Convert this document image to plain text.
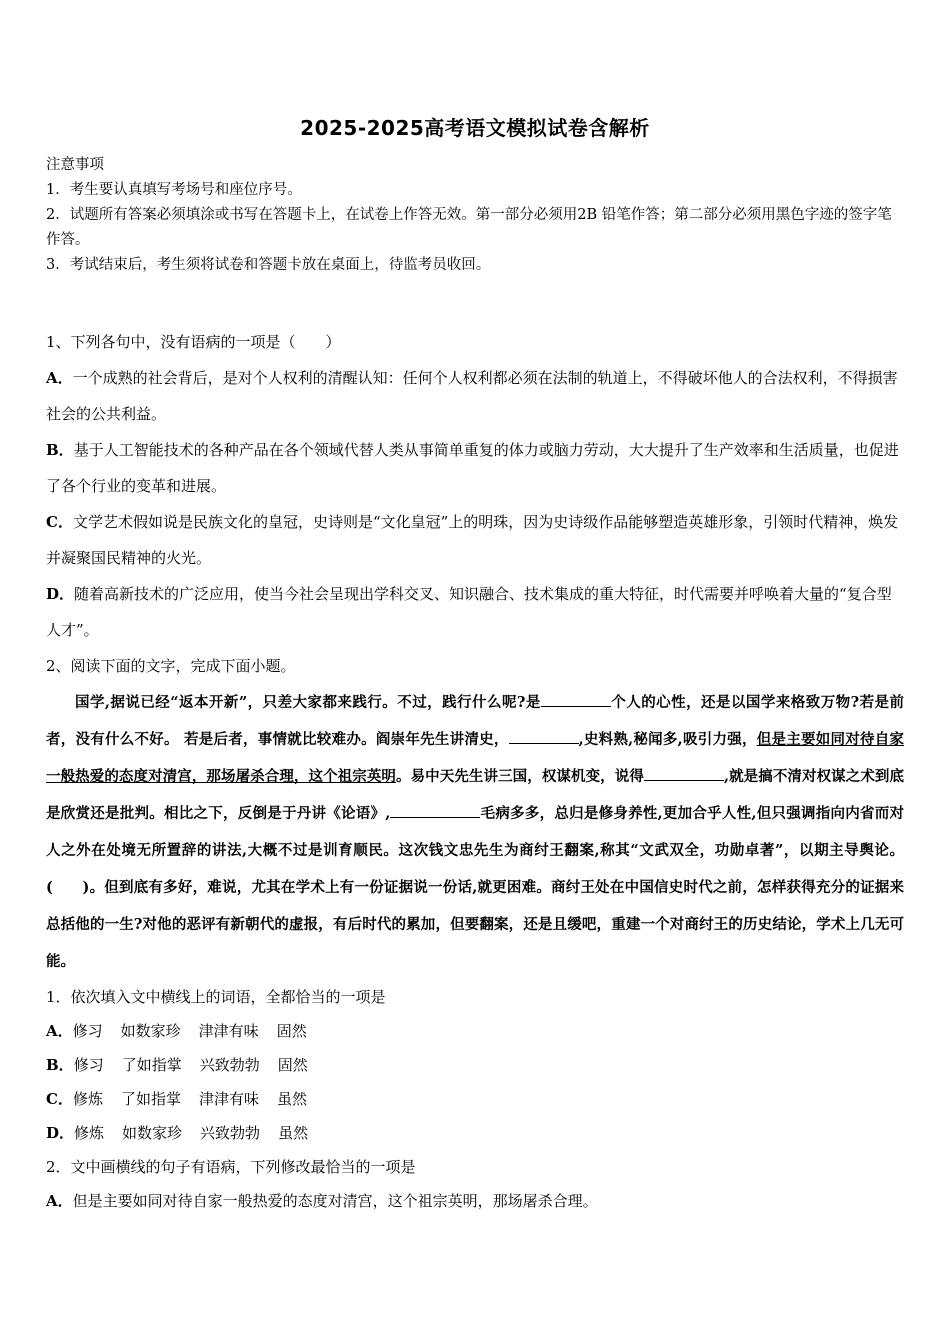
2025-2025高考语文模拟试卷含解析

注意事项

1．考生要认真填写考场号和座位序号。

2．试题所有答案必须填涂或书写在答题卡上，在试卷上作答无效。第一部分必须用2B 铅笔作答；第二部分必须用黑色字迹的签字笔作答。

3．考试结束后，考生须将试卷和答题卡放在桌面上，待监考员收回。

1、下列各句中，没有语病的一项是（　　）

A．一个成熟的社会背后，是对个人权利的清醒认知：任何个人权利都必须在法制的轨道上，不得破坏他人的合法权利，不得损害社会的公共利益。

B．基于人工智能技术的各种产品在各个领域代替人类从事简单重复的体力或脑力劳动，大大提升了生产效率和生活质量，也促进了各个行业的变革和进展。

C．文学艺术假如说是民族文化的皇冠，史诗则是“文化皇冠”上的明珠，因为史诗级作品能够塑造英雄形象，引领时代精神，焕发并凝聚国民精神的火光。

D．随着高新技术的广泛应用，使当今社会呈现出学科交叉、知识融合、技术集成的重大特征，时代需要并呼唤着大量的“复合型人才”。

2、阅读下面的文字，完成下面小题。

国学,据说已经“返本开新”，只差大家都来践行。不过，践行什么呢?是	个人的心性，还是以国学来格致万物?若是前者，没有什么不好。 若是后者，事情就比较难办。阎崇年先生讲清史，	,史料熟,秘闻多,吸引力强，但是主要如同对待自家一般热爱的态度对清宫，那场屠杀合理，这个祖宗英明。易中天先生讲三国，权谋机变，说得	,就是搞不清对权谋之术到底是欣赏还是批判。相比之下，反倒是于丹讲《论语》,	毛病多多，总归是修身养性,更加合乎人性,但只强调指向内省而对人之外在处境无所置辞的讲法,大概不过是训育顺民。这次钱文忠先生为商纣王翻案,称其“文武双全，功勋卓著”，以期主导舆论。(　　)。但到底有多好，难说，尤其在学术上有一份证据说一份话,就更困难。商纣王处在中国信史时代之前，怎样获得充分的证据来总括他的一生?对他的恶评有新朝代的虚报，有后时代的累加，但要翻案，还是且缓吧，重建一个对商纣王的历史结论，学术上几无可能。

1．依次填入文中横线上的词语，全都恰当的一项是

A．修习 如数家珍 津津有味 固然

B．修习 了如指掌 兴致勃勃 固然

C．修炼 了如指掌 津津有味 虽然

D．修炼 如数家珍 兴致勃勃 虽然

2．文中画横线的句子有语病，下列修改最恰当的一项是

A．但是主要如同对待自家一般热爱的态度对清宫，这个祖宗英明，那场屠杀合理。
